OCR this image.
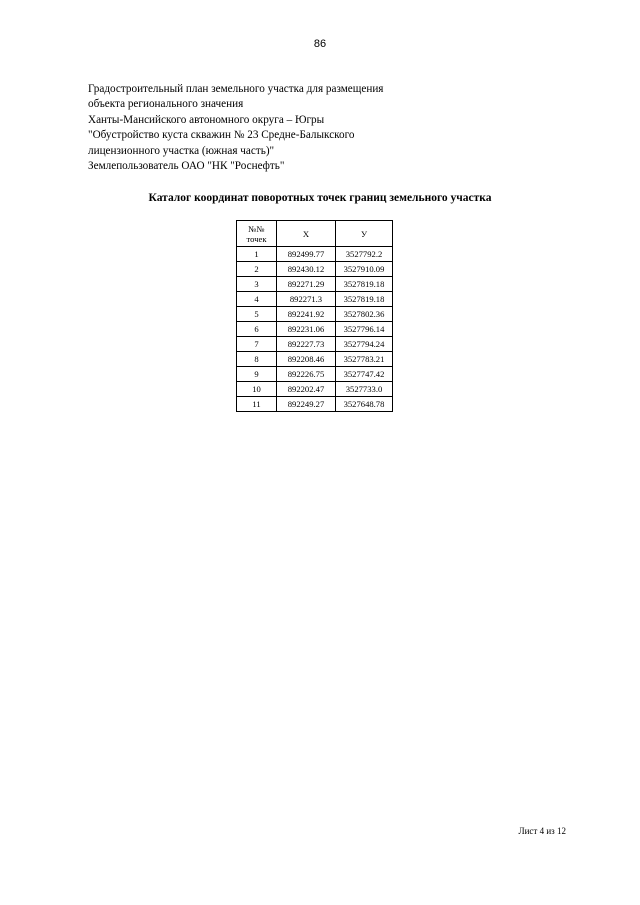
86
Градостроительный план земельного участка для размещения
объекта регионального значения
Ханты-Мансийского автономного округа – Югры
"Обустройство куста скважин № 23 Средне-Балыкского
лицензионного участка (южная часть)"
Землепользователь ОАО "НК "Роснефть"
Каталог координат поворотных точек границ земельного участка
№№
точек	X	У
1	892499.77	3527792.2
2	892430.12	3527910.09
3	892271.29	3527819.18
4	892271.3	3527819.18
5	892241.92	3527802.36
6	892231.06	3527796.14
7	892227.73	3527794.24
8	892208.46	3527783.21
9	892226.75	3527747.42
10	892202.47	3527733.0
11	892249.27	3527648.78
Лист 4 из 12
